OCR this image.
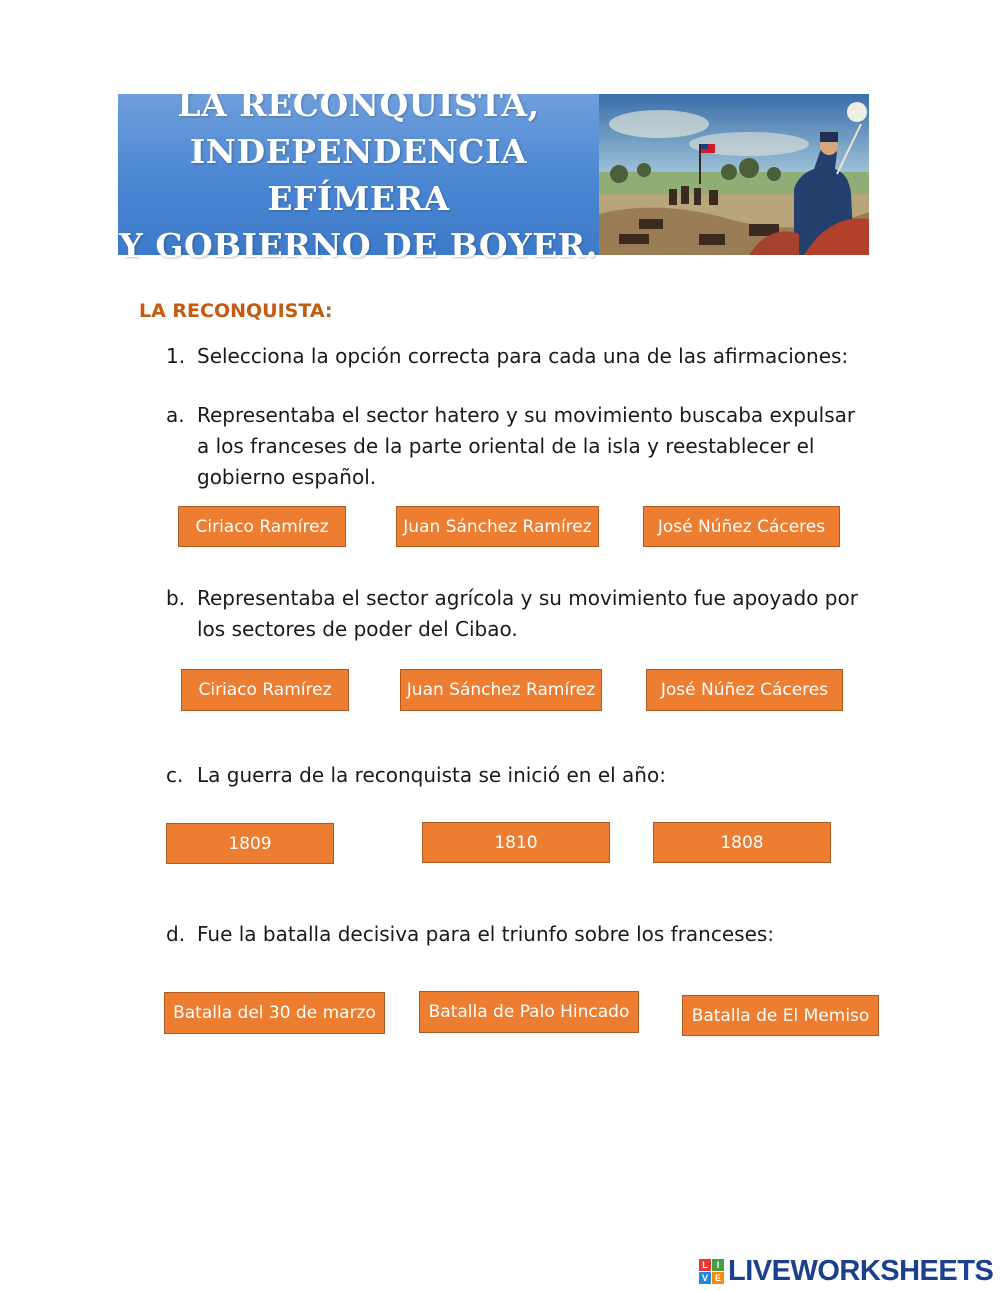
LA RECONQUISTA,
INDEPENDENCIA EFÍMERA
Y GOBIERNO DE BOYER.
LA RECONQUISTA:
1. Selecciona la opción correcta para cada una de las afirmaciones:
a. Representaba el sector hatero y su movimiento buscaba expulsar a los franceses de la parte oriental de la isla y reestablecer el gobierno español.
Ciriaco Ramírez	Juan Sánchez Ramírez	José Núñez Cáceres
b. Representaba el sector agrícola y su movimiento fue apoyado por los sectores de poder del Cibao.
Ciriaco Ramírez	Juan Sánchez Ramírez	José Núñez Cáceres
c. La guerra de la reconquista se inició en el año:
1809	1810	1808
d. Fue la batalla decisiva para el triunfo sobre los franceses:
Batalla del 30 de marzo	Batalla de Palo Hincado	Batalla de El Memiso
L I
V E LIVEWORKSHEETS
